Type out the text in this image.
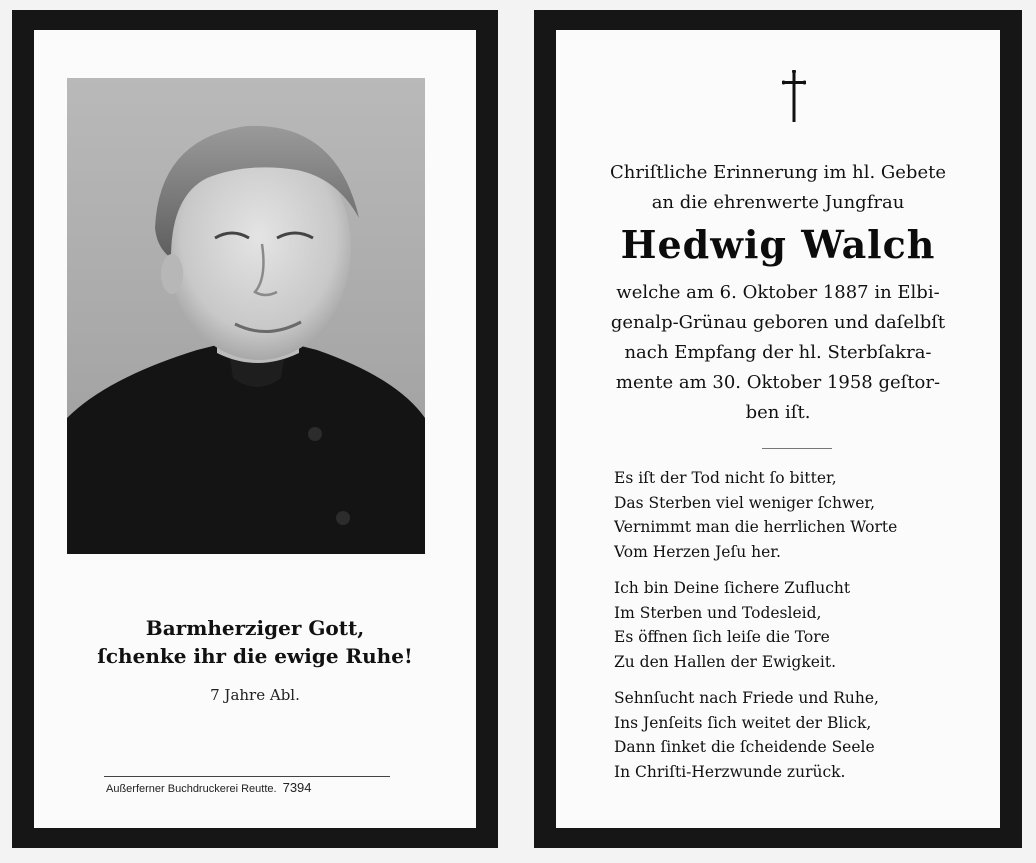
Barmherziger Gott,
ſchenke ihr die ewige Ruhe!
7 Jahre Abl.
Außerferner Buchdruckerei Reutte. 7394
Chriſtliche Erinnerung im hl. Gebete
an die ehrenwerte Jungfrau
Hedwig Walch
welche am 6. Oktober 1887 in Elbi-
genalp-Grünau geboren und daſelbſt
nach Empfang der hl. Sterbſakra-
mente am 30. Oktober 1958 geſtor-
ben iſt.
Es iſt der Tod nicht ſo bitter,
Das Sterben viel weniger ſchwer,
Vernimmt man die herrlichen Worte
Vom Herzen Jeſu her.
Ich bin Deine ſichere Zuflucht
Im Sterben und Todesleid,
Es öffnen ſich leiſe die Tore
Zu den Hallen der Ewigkeit.
Sehnſucht nach Friede und Ruhe,
Ins Jenſeits ſich weitet der Blick,
Dann ſinket die ſcheidende Seele
In Chriſti-Herzwunde zurück.
